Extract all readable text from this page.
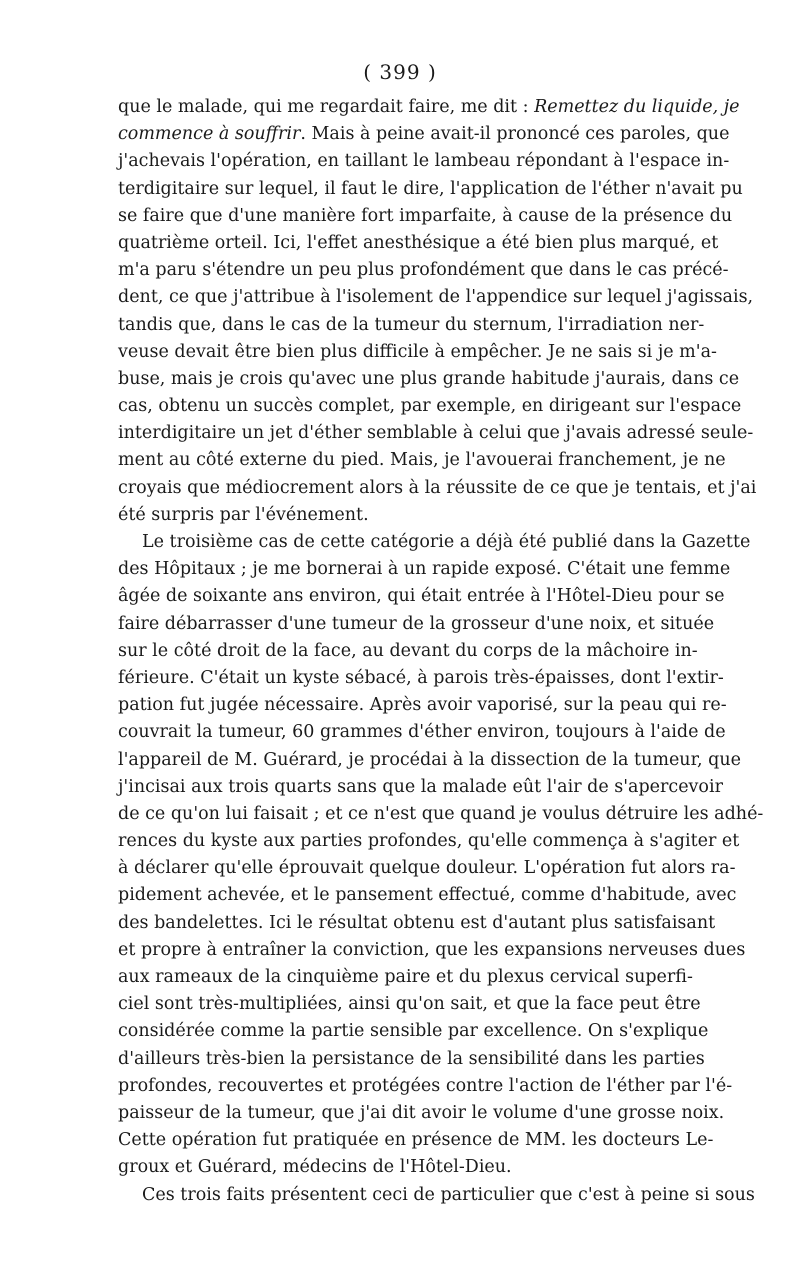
( 399 )
que le malade, qui me regardait faire, me dit : Remettez du liquide, je
commence à souffrir. Mais à peine avait-il prononcé ces paroles, que
j'achevais l'opération, en taillant le lambeau répondant à l'espace in-
terdigitaire sur lequel, il faut le dire, l'application de l'éther n'avait pu
se faire que d'une manière fort imparfaite, à cause de la présence du
quatrième orteil. Ici, l'effet anesthésique a été bien plus marqué, et
m'a paru s'étendre un peu plus profondément que dans le cas précé-
dent, ce que j'attribue à l'isolement de l'appendice sur lequel j'agissais,
tandis que, dans le cas de la tumeur du sternum, l'irradiation ner-
veuse devait être bien plus difficile à empêcher. Je ne sais si je m'a-
buse, mais je crois qu'avec une plus grande habitude j'aurais, dans ce
cas, obtenu un succès complet, par exemple, en dirigeant sur l'espace
interdigitaire un jet d'éther semblable à celui que j'avais adressé seule-
ment au côté externe du pied. Mais, je l'avouerai franchement, je ne
croyais que médiocrement alors à la réussite de ce que je tentais, et j'ai
été surpris par l'événement.
Le troisième cas de cette catégorie a déjà été publié dans la Gazette
des Hôpitaux ; je me bornerai à un rapide exposé. C'était une femme
âgée de soixante ans environ, qui était entrée à l'Hôtel-Dieu pour se
faire débarrasser d'une tumeur de la grosseur d'une noix, et située
sur le côté droit de la face, au devant du corps de la mâchoire in-
férieure. C'était un kyste sébacé, à parois très-épaisses, dont l'extir-
pation fut jugée nécessaire. Après avoir vaporisé, sur la peau qui re-
couvrait la tumeur, 60 grammes d'éther environ, toujours à l'aide de
l'appareil de M. Guérard, je procédai à la dissection de la tumeur, que
j'incisai aux trois quarts sans que la malade eût l'air de s'apercevoir
de ce qu'on lui faisait ; et ce n'est que quand je voulus détruire les adhé-
rences du kyste aux parties profondes, qu'elle commença à s'agiter et
à déclarer qu'elle éprouvait quelque douleur. L'opération fut alors ra-
pidement achevée, et le pansement effectué, comme d'habitude, avec
des bandelettes. Ici le résultat obtenu est d'autant plus satisfaisant
et propre à entraîner la conviction, que les expansions nerveuses dues
aux rameaux de la cinquième paire et du plexus cervical superfi-
ciel sont très-multipliées, ainsi qu'on sait, et que la face peut être
considérée comme la partie sensible par excellence. On s'explique
d'ailleurs très-bien la persistance de la sensibilité dans les parties
profondes, recouvertes et protégées contre l'action de l'éther par l'é-
paisseur de la tumeur, que j'ai dit avoir le volume d'une grosse noix.
Cette opération fut pratiquée en présence de MM. les docteurs Le-
groux et Guérard, médecins de l'Hôtel-Dieu.
Ces trois faits présentent ceci de particulier que c'est à peine si sous
